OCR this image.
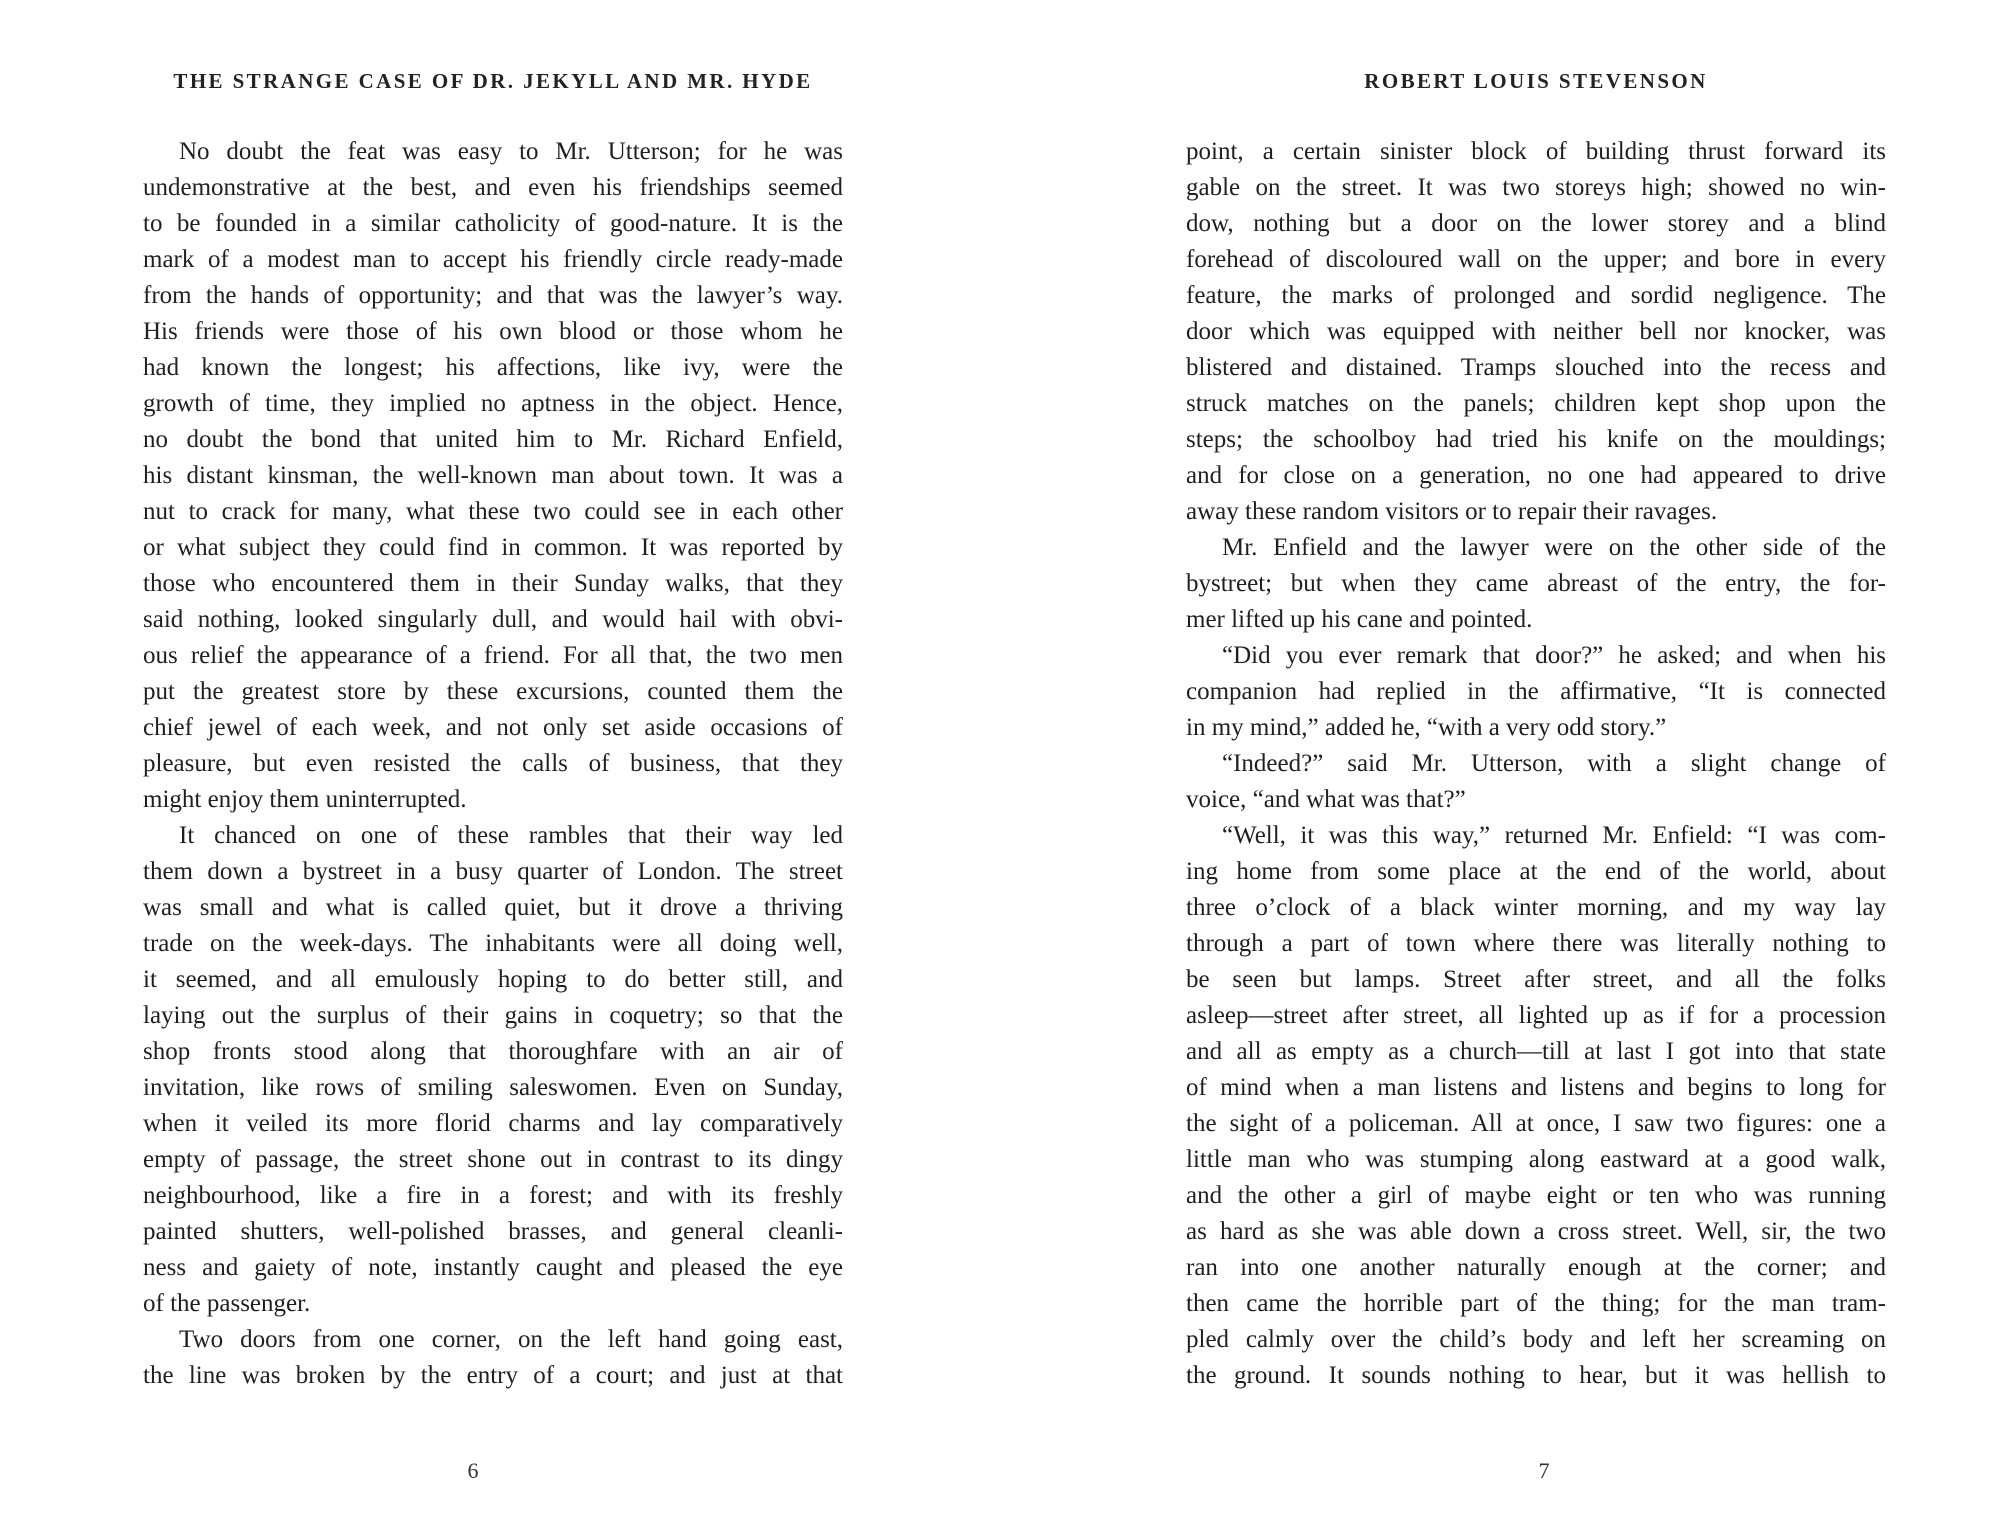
THE STRANGE CASE OF DR. JEKYLL AND MR. HYDE
No doubt the feat was easy to Mr. Utterson; for he was
undemonstrative at the best, and even his friendships seemed
to be founded in a similar catholicity of good-nature. It is the
mark of a modest man to accept his friendly circle ready-made
from the hands of opportunity; and that was the lawyer’s way.
His friends were those of his own blood or those whom he
had known the longest; his affections, like ivy, were the
growth of time, they implied no aptness in the object. Hence,
no doubt the bond that united him to Mr. Richard Enfield,
his distant kinsman, the well-known man about town. It was a
nut to crack for many, what these two could see in each other
or what subject they could find in common. It was reported by
those who encountered them in their Sunday walks, that they
said nothing, looked singularly dull, and would hail with obvi-
ous relief the appearance of a friend. For all that, the two men
put the greatest store by these excursions, counted them the
chief jewel of each week, and not only set aside occasions of
pleasure, but even resisted the calls of business, that they
might enjoy them uninterrupted.
It chanced on one of these rambles that their way led
them down a bystreet in a busy quarter of London. The street
was small and what is called quiet, but it drove a thriving
trade on the week-days. The inhabitants were all doing well,
it seemed, and all emulously hoping to do better still, and
laying out the surplus of their gains in coquetry; so that the
shop fronts stood along that thoroughfare with an air of
invitation, like rows of smiling saleswomen. Even on Sunday,
when it veiled its more florid charms and lay comparatively
empty of passage, the street shone out in contrast to its dingy
neighbourhood, like a fire in a forest; and with its freshly
painted shutters, well-polished brasses, and general cleanli-
ness and gaiety of note, instantly caught and pleased the eye
of the passenger.
Two doors from one corner, on the left hand going east,
the line was broken by the entry of a court; and just at that
6
ROBERT LOUIS STEVENSON
point, a certain sinister block of building thrust forward its
gable on the street. It was two storeys high; showed no win-
dow, nothing but a door on the lower storey and a blind
forehead of discoloured wall on the upper; and bore in every
feature, the marks of prolonged and sordid negligence. The
door which was equipped with neither bell nor knocker, was
blistered and distained. Tramps slouched into the recess and
struck matches on the panels; children kept shop upon the
steps; the schoolboy had tried his knife on the mouldings;
and for close on a generation, no one had appeared to drive
away these random visitors or to repair their ravages.
Mr. Enfield and the lawyer were on the other side of the
bystreet; but when they came abreast of the entry, the for-
mer lifted up his cane and pointed.
“Did you ever remark that door?” he asked; and when his
companion had replied in the affirmative, “It is connected
in my mind,” added he, “with a very odd story.”
“Indeed?” said Mr. Utterson, with a slight change of
voice, “and what was that?”
“Well, it was this way,” returned Mr. Enfield: “I was com-
ing home from some place at the end of the world, about
three o’clock of a black winter morning, and my way lay
through a part of town where there was literally nothing to
be seen but lamps. Street after street, and all the folks
asleep—street after street, all lighted up as if for a procession
and all as empty as a church—till at last I got into that state
of mind when a man listens and listens and begins to long for
the sight of a policeman. All at once, I saw two figures: one a
little man who was stumping along eastward at a good walk,
and the other a girl of maybe eight or ten who was running
as hard as she was able down a cross street. Well, sir, the two
ran into one another naturally enough at the corner; and
then came the horrible part of the thing; for the man tram-
pled calmly over the child’s body and left her screaming on
the ground. It sounds nothing to hear, but it was hellish to
7
